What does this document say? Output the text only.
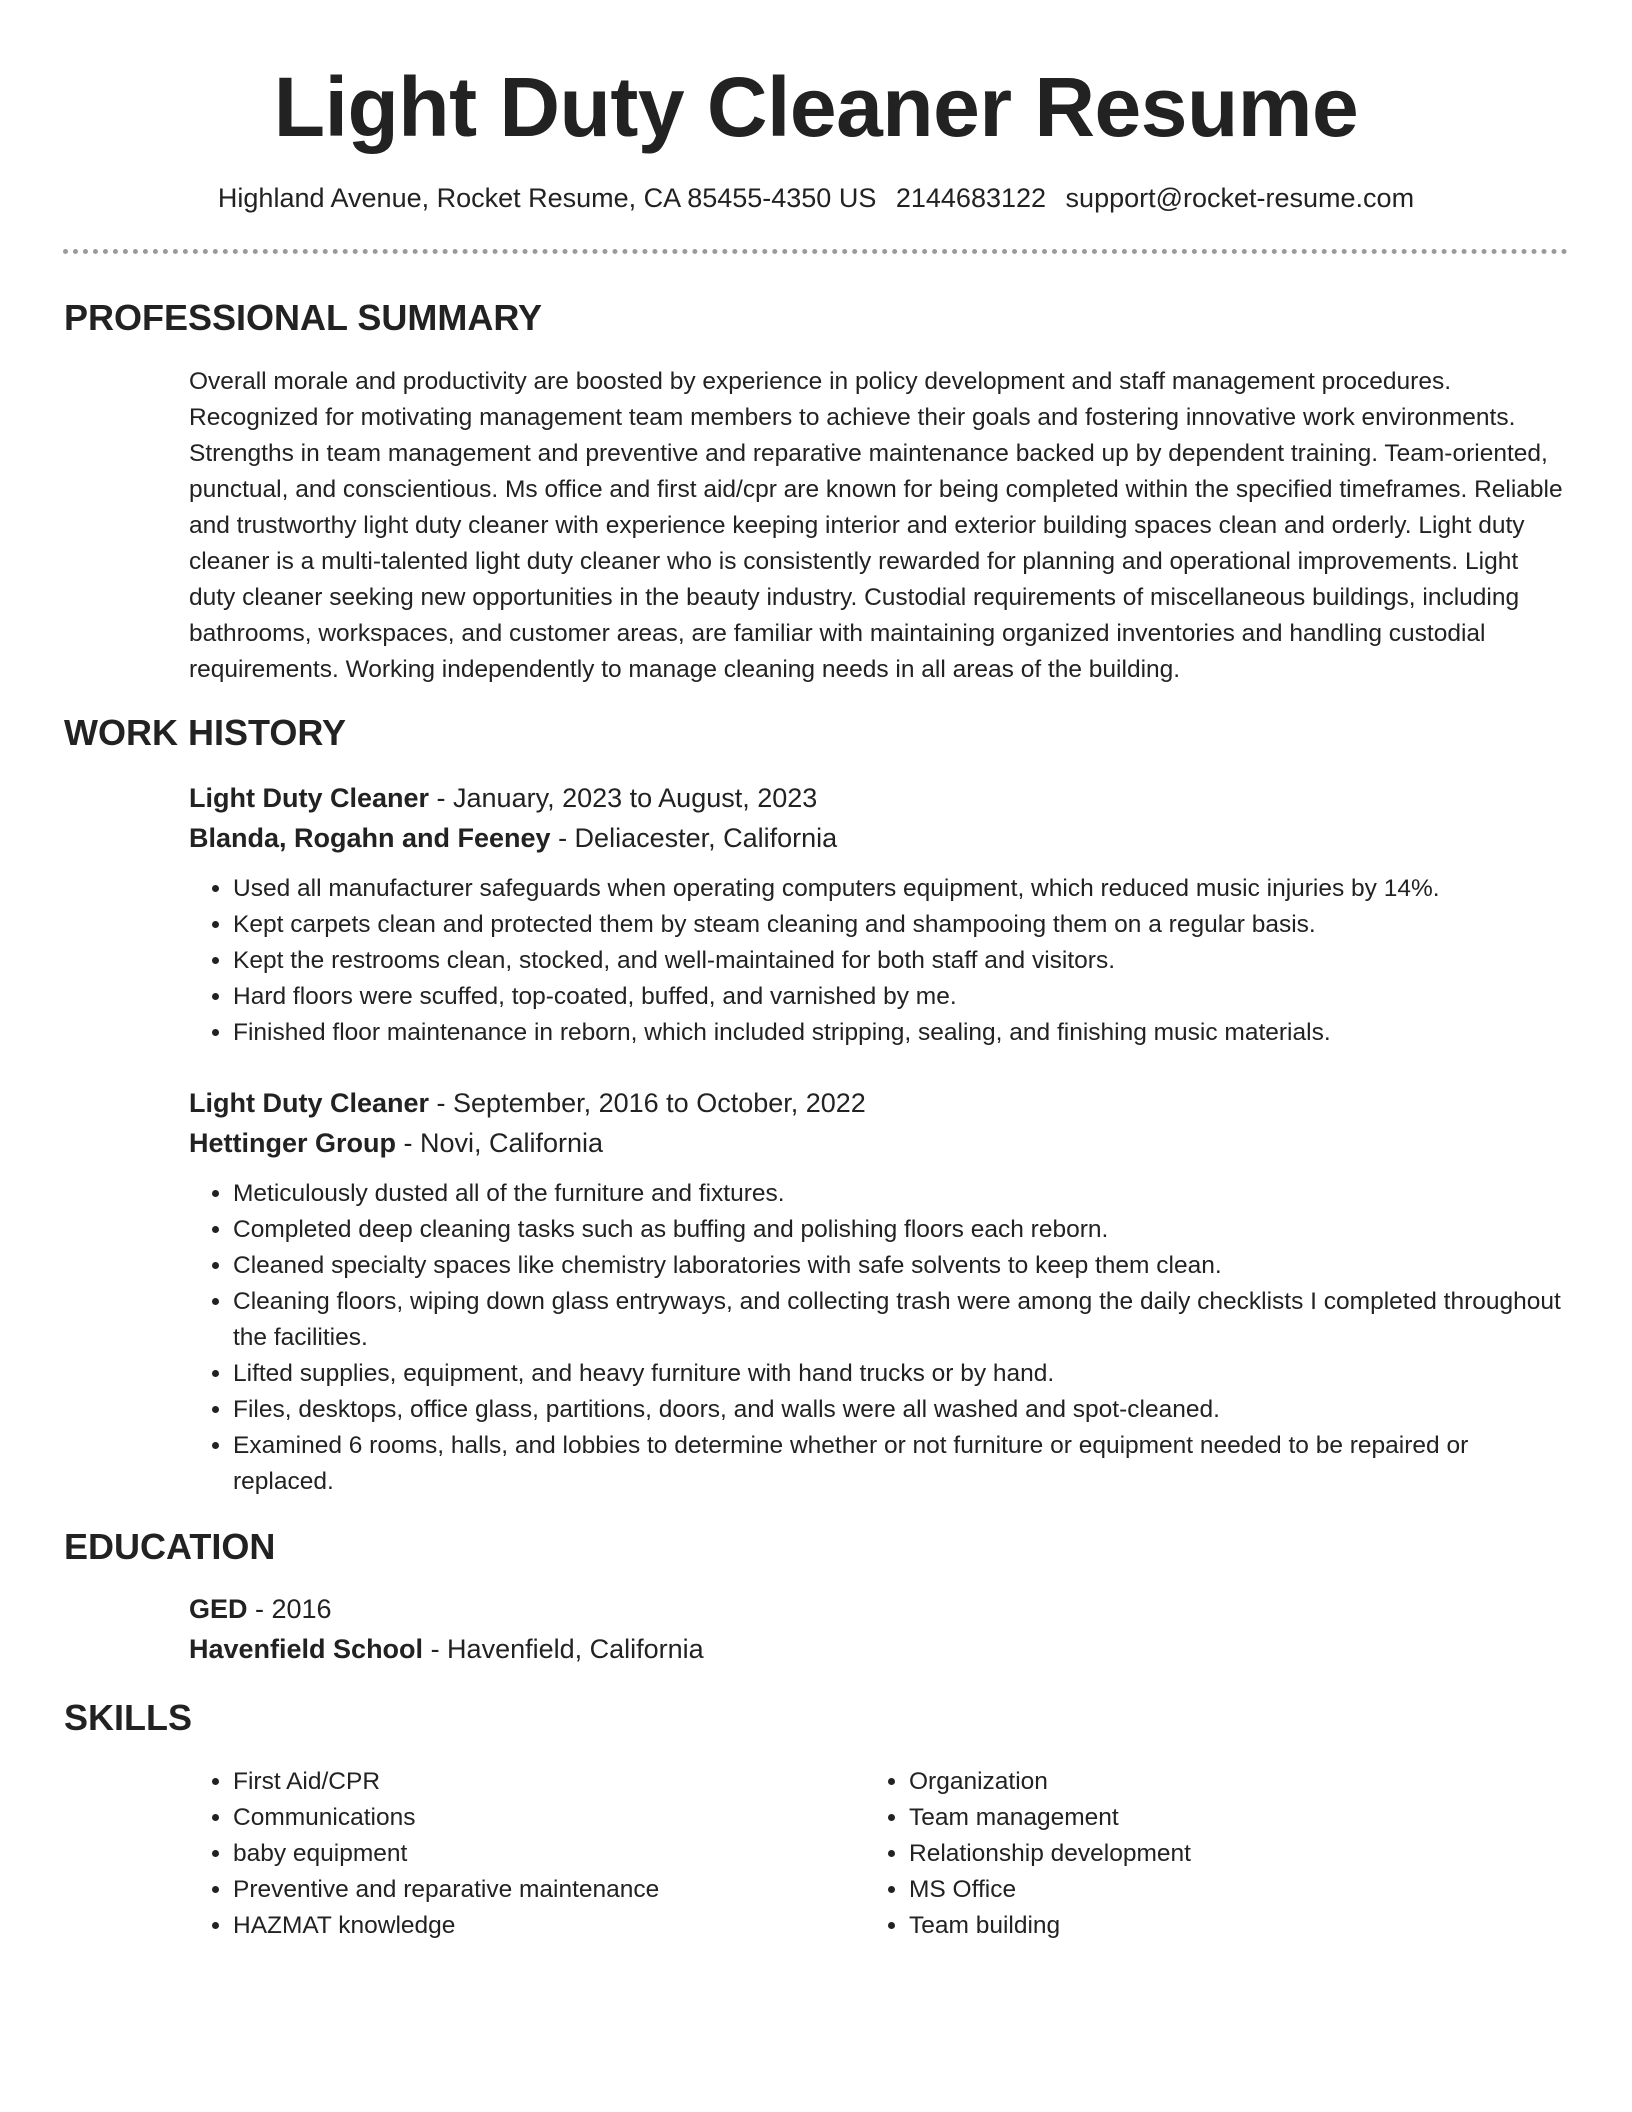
Light Duty Cleaner Resume
Highland Avenue, Rocket Resume, CA 85455-4350 US 2144683122 support@rocket-resume.com
PROFESSIONAL SUMMARY

Overall morale and productivity are boosted by experience in policy development and staff management procedures. Recognized for motivating management team members to achieve their goals and fostering innovative work environments. Strengths in team management and preventive and reparative maintenance backed up by dependent training. Team-oriented, punctual, and conscientious. Ms office and first aid/cpr are known for being completed within the specified timeframes. Reliable and trustworthy light duty cleaner with experience keeping interior and exterior building spaces clean and orderly. Light duty cleaner is a multi-talented light duty cleaner who is consistently rewarded for planning and operational improvements. Light duty cleaner seeking new opportunities in the beauty industry. Custodial requirements of miscellaneous buildings, including bathrooms, workspaces, and customer areas, are familiar with maintaining organized inventories and handling custodial requirements. Working independently to manage cleaning needs in all areas of the building.

WORK HISTORY
Light Duty Cleaner - January, 2023 to August, 2023
Blanda, Rogahn and Feeney - Deliacester, California
• Used all manufacturer safeguards when operating computers equipment, which reduced music injuries by 14%.
• Kept carpets clean and protected them by steam cleaning and shampooing them on a regular basis.
• Kept the restrooms clean, stocked, and well-maintained for both staff and visitors.
• Hard floors were scuffed, top-coated, buffed, and varnished by me.
• Finished floor maintenance in reborn, which included stripping, sealing, and finishing music materials.
Light Duty Cleaner - September, 2016 to October, 2022
Hettinger Group - Novi, California
• Meticulously dusted all of the furniture and fixtures.
• Completed deep cleaning tasks such as buffing and polishing floors each reborn.
• Cleaned specialty spaces like chemistry laboratories with safe solvents to keep them clean.
• Cleaning floors, wiping down glass entryways, and collecting trash were among the daily checklists I completed throughout the facilities.
• Lifted supplies, equipment, and heavy furniture with hand trucks or by hand.
• Files, desktops, office glass, partitions, doors, and walls were all washed and spot-cleaned.
• Examined 6 rooms, halls, and lobbies to determine whether or not furniture or equipment needed to be repaired or replaced.
EDUCATION
GED - 2016
Havenfield School - Havenfield, California
SKILLS
• First Aid/CPR
• Communications
• baby equipment
• Preventive and reparative maintenance
• HAZMAT knowledge
• Organization
• Team management
• Relationship development
• MS Office
• Team building
